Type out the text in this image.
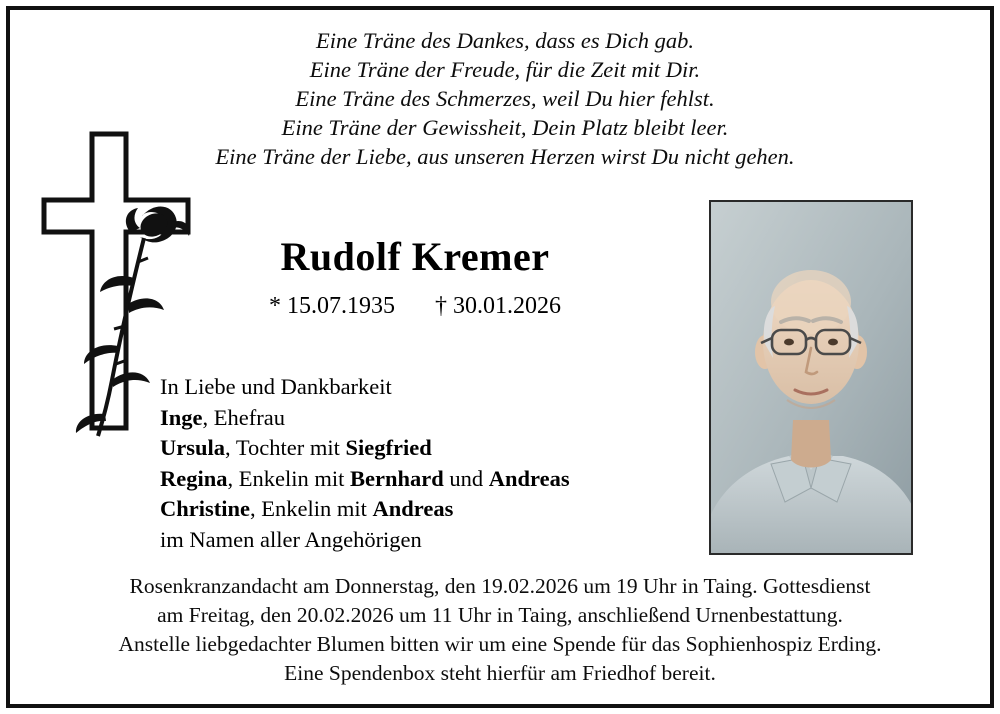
Eine Träne des Dankes, dass es Dich gab.
Eine Träne der Freude, für die Zeit mit Dir.
Eine Träne des Schmerzes, weil Du hier fehlst.
Eine Träne der Gewissheit, Dein Platz bleibt leer.
Eine Träne der Liebe, aus unseren Herzen wirst Du nicht gehen.
Rudolf Kremer
* 15.07.1935 † 30.01.2026
In Liebe und Dankbarkeit
Inge, Ehefrau
Ursula, Tochter mit Siegfried
Regina, Enkelin mit Bernhard und Andreas
Christine, Enkelin mit Andreas
im Namen aller Angehörigen
Rosenkranzandacht am Donnerstag, den 19.02.2026 um 19 Uhr in Taing. Gottesdienst
am Freitag, den 20.02.2026 um 11 Uhr in Taing, anschließend Urnenbestattung.
Anstelle liebgedachter Blumen bitten wir um eine Spende für das Sophienhospiz Erding.
Eine Spendenbox steht hierfür am Friedhof bereit.
